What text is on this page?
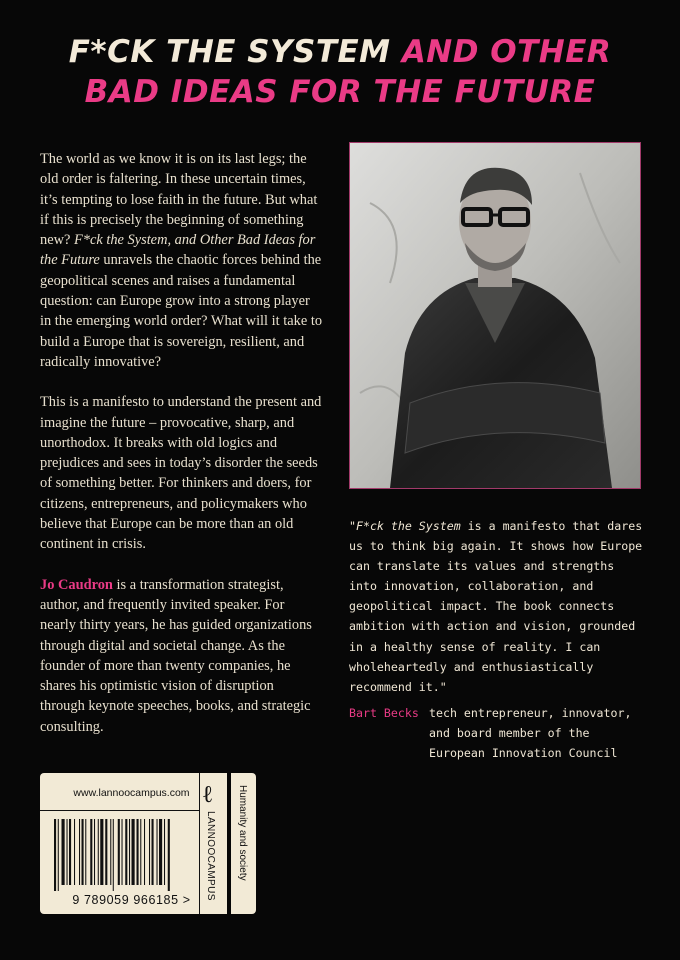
F*CK THE SYSTEM AND OTHER
BAD IDEAS FOR THE FUTURE

The world as we know it is on its last legs; the old order is faltering. In these uncertain times, it’s tempting to lose faith in the future. But what if this is precisely the beginning of something new? F*ck the System, and Other Bad Ideas for the Future unravels the chaotic forces behind the geopolitical scenes and raises a fundamental question: can Europe grow into a strong player in the emerging world order? What will it take to build a Europe that is sovereign, resilient, and radically innovative?

This is a manifesto to understand the present and imagine the future – provocative, sharp, and unorthodox. It breaks with old logics and prejudices and sees in today’s disorder the seeds of something better. For thinkers and doers, for citizens, entrepreneurs, and policymakers who believe that Europe can be more than an old continent in crisis.

Jo Caudron is a transformation strategist, author, and frequently invited speaker. For nearly thirty years, he has guided organizations through digital and societal change. As the founder of more than twenty companies, he shares his optimistic vision of disruption through keynote speeches, books, and strategic consulting.

"F*ck the System is a manifesto that dares us to think big again. It shows how Europe can translate its values and strengths into innovation, collaboration, and geopolitical impact. The book connects ambition with action and vision, grounded in a healthy sense of reality. I can wholeheartedly and enthusiastically recommend it."
Bart Becks tech entrepreneur, innovator, and board member of the European Innovation Council
www.lannoocampus.com
9 789059 966185 >
ℓ
LANNOOCAMPUS Humanity and society
